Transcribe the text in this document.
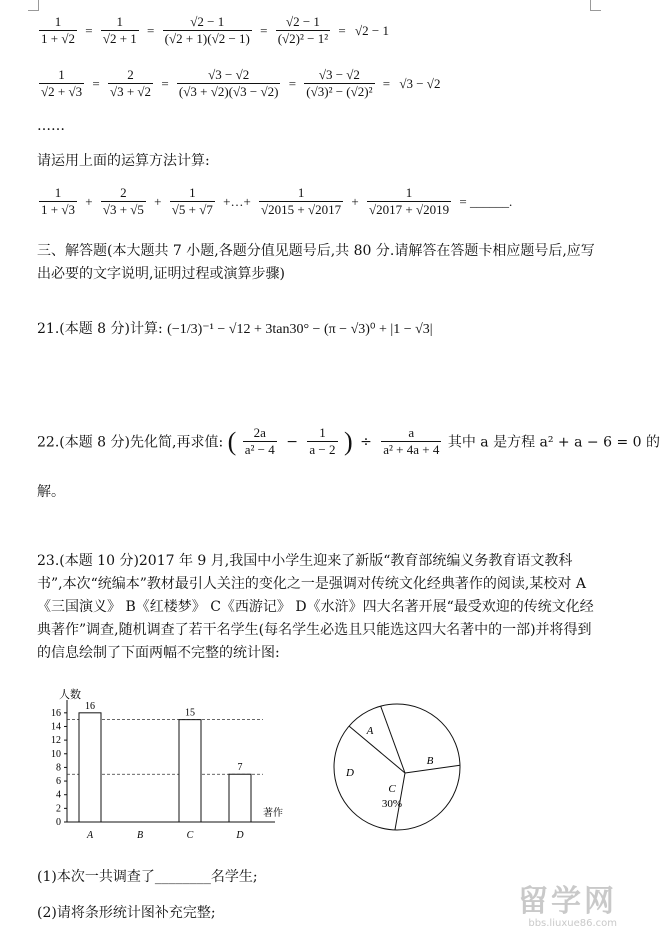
$\frac{1}{1 + √2} = \frac{1}{√2 + 1} = \frac{√2 - 1}{(√2 + 1)(√2 - 1)} = \frac{√2 - 1}{\text{(√2)² − 1²}} = √2 - 1$
$\frac{1}{√2 + √3} = \frac{2}{√3 + √2} = \frac{√3 - √2}{(√3 + √2)(√3 - √2)} = \frac{√3 - √2}{\text{(√3)² − (√2)²}} = √3 - √2$
……
请运用上面的运算方法计算:
$\frac{1}{1 + √3} + \frac{2}{√3 + √5} + \frac{1}{√5 + √7}$ +…+ $\frac{1}{√2015 + √2017} + \frac{1}{√2017 + √2019}$ = ______.
三、解答题(本大题共 7 小题,各题分值见题号后,共 80 分.请解答在答题卡相应题号后,应写出必要的文字说明,证明过程或演算步骤)
21.(本题 8 分)计算: (−1/3)⁻¹ − √12 + 3tan30° − (π − √3)⁰ + |1 − √3|
22.(本题 8 分)先化简,再求值: ( $\frac{2a}{\text{a² − 4}} - \frac{1}{a - 2}$ ) ÷ $\frac{a}{\text{a² + 4a + 4}}$ 其中 a 是方程 a² + a − 6 = 0 的
解。
23.(本题 10 分)2017 年 9 月,我国中小学生迎来了新版“教育部统编义务教育语文教科书”,本次“统编本”教材最引人关注的变化之一是强调对传统文化经典著作的阅读,某校对 A《三国演义》 B《红楼梦》 C《西游记》 D《水浒》四大名著开展“最受欢迎的传统文化经典著作”调查,随机调查了若干名学生(每名学生必选且只能选这四大名著中的一部)并将得到的信息绘制了下面两幅不完整的统计图:
人数
著作
0
2
4
6
8
10
12
14
16
A
16
B	C
15
D
7
A
B
C
30%
D
(1)本次一共调查了________名学生;
(2)请将条形统计图补充完整;	留学网
bbs.liuxue86.com
